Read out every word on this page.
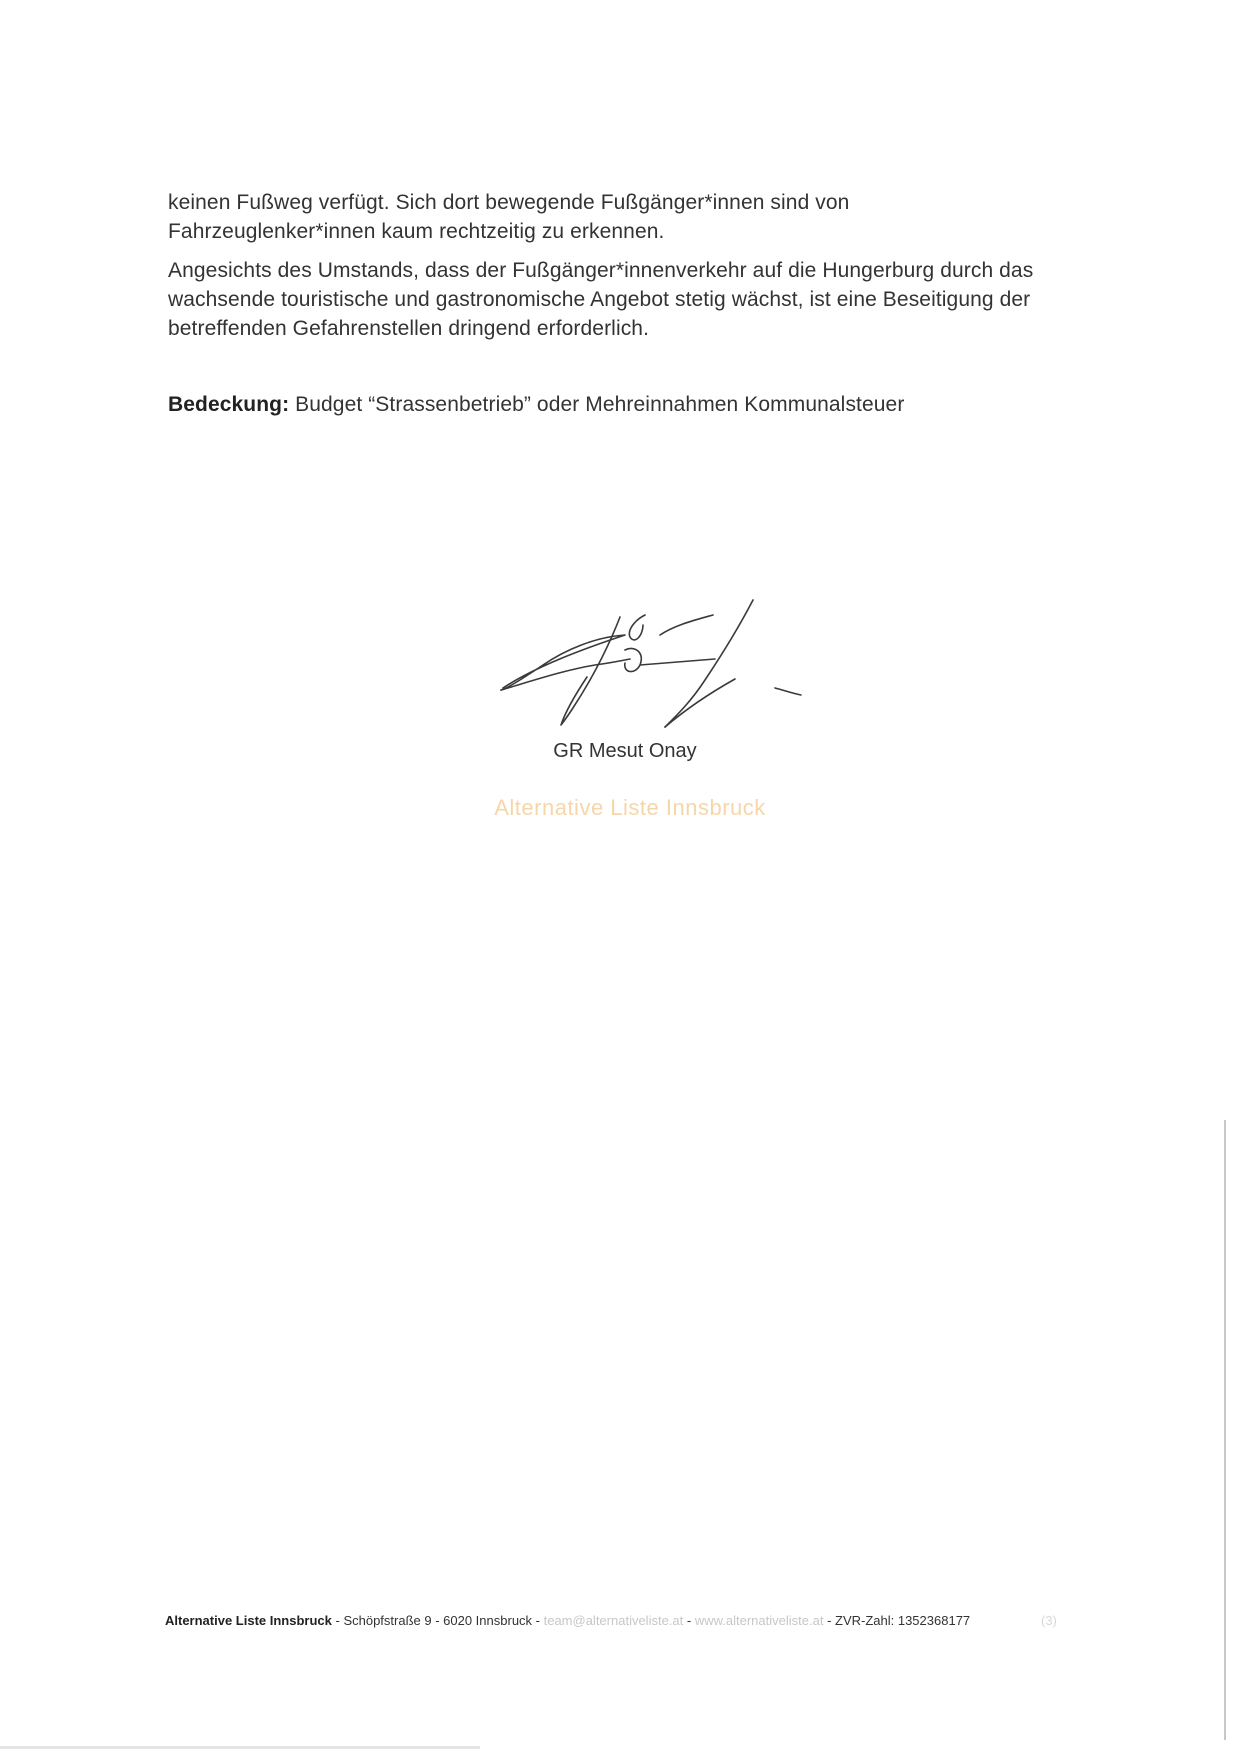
keinen Fußweg verfügt. Sich dort bewegende Fußgänger*innen sind von Fahrzeuglenker*innen kaum rechtzeitig zu erkennen.

Angesichts des Umstands, dass der Fußgänger*innenverkehr auf die Hungerburg durch das wachsende touristische und gastronomische Angebot stetig wächst, ist eine Beseitigung der betreffenden Gefahrenstellen dringend erforderlich.

Bedeckung: Budget “Strassenbetrieb” oder Mehreinnahmen Kommunalsteuer

GR Mesut Onay
Alternative Liste Innsbruck
Alternative Liste Innsbruck - Schöpfstraße 9 - 6020 Innsbruck - team@alternativeliste.at - www.alternativeliste.at - ZVR-Zahl: 1352368177	(3)
